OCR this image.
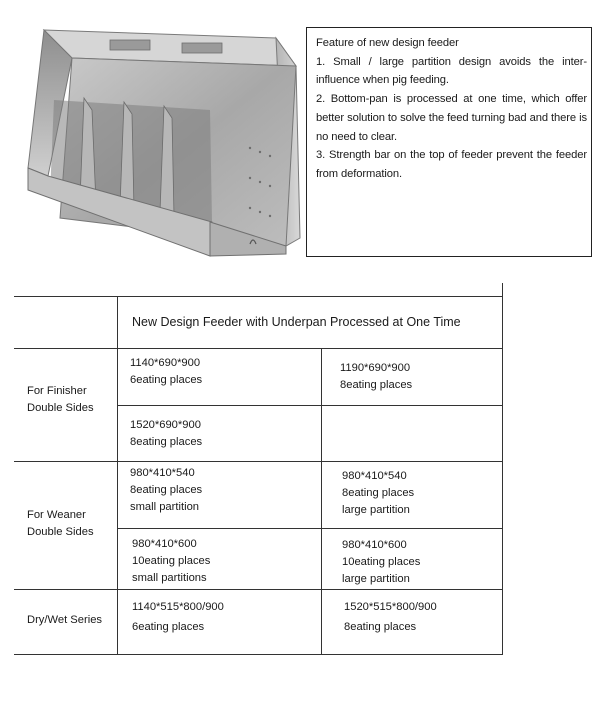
Feature of new design feeder

1. Small / large partition design avoids the inter-influence when pig feeding.

2. Bottom-pan is processed at one time, which offer better solution to solve the feed turning bad and there is no need to clear.

3. Strength bar on the top of feeder prevent the feeder from deformation.

New Design Feeder with Underpan Processed at One Time
For Finisher
Double Sides
1140*690*900
6eating places
1190*690*900
8eating places
1520*690*900
8eating places
For Weaner
Double Sides
980*410*540
8eating places
small partition
980*410*540
8eating places
large partition
980*410*600
10eating places
small partitions
980*410*600
10eating places
large partition
Dry/Wet Series
1140*515*800/900
6eating places
1520*515*800/900
8eating places
